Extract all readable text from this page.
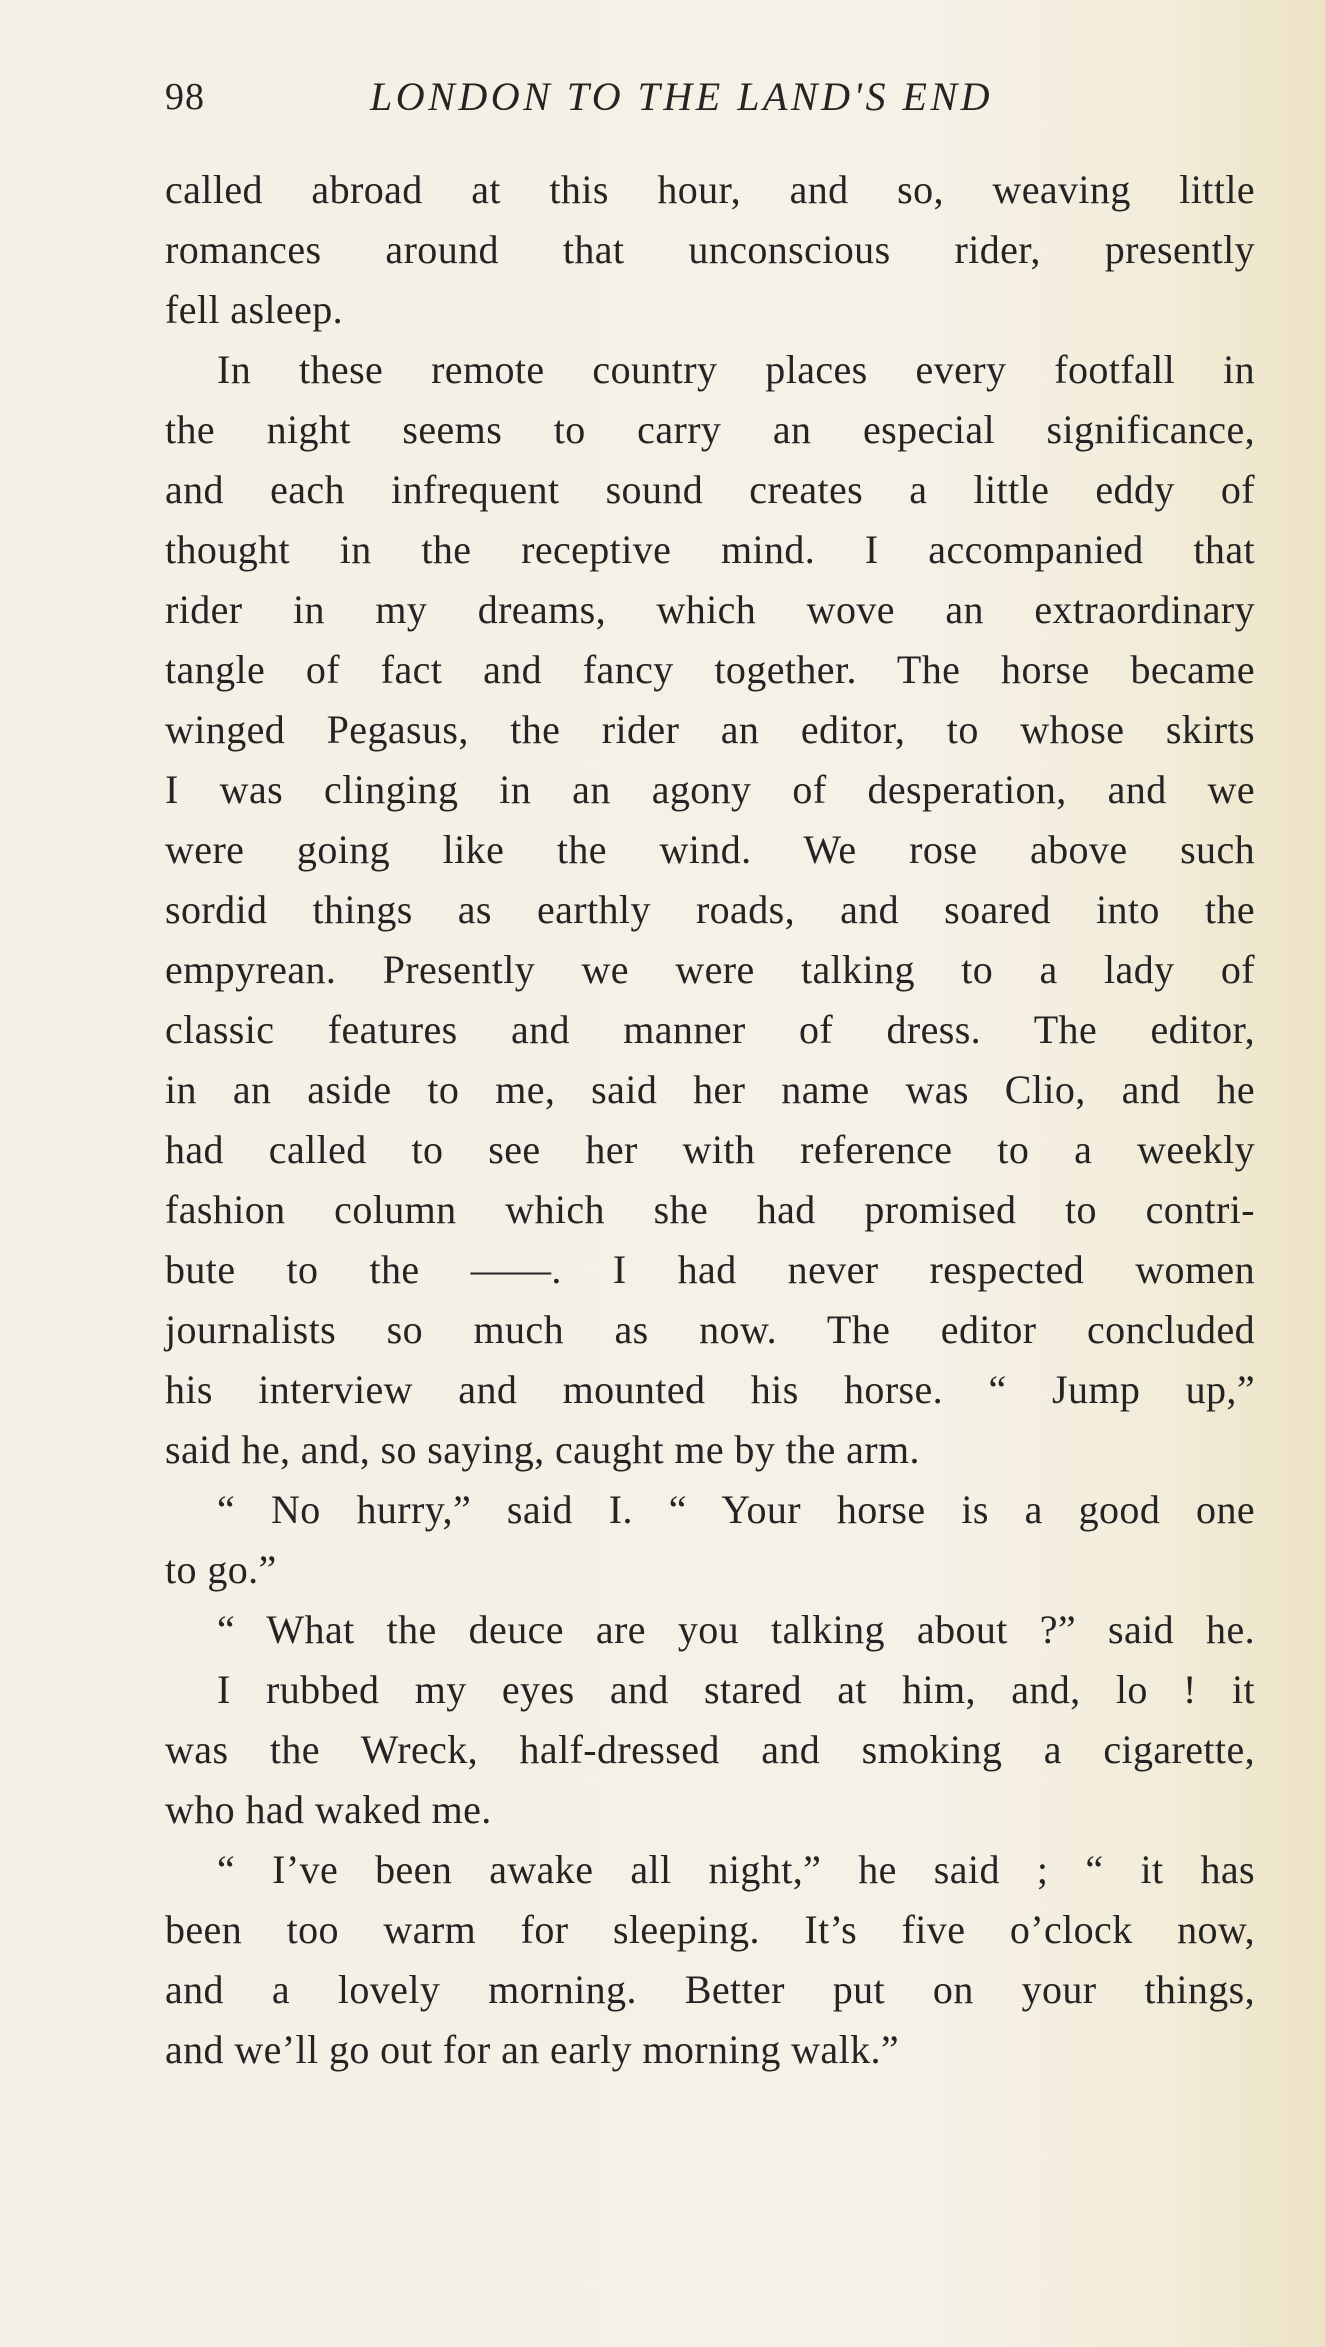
98	LONDON TO THE LAND'S END
called abroad at this hour, and so, weaving little
romances around that unconscious rider, presently
fell asleep.
In these remote country places every footfall in
the night seems to carry an especial significance,
and each infrequent sound creates a little eddy of
thought in the receptive mind. I accompanied that
rider in my dreams, which wove an extraordinary
tangle of fact and fancy together. The horse became
winged Pegasus, the rider an editor, to whose skirts
I was clinging in an agony of desperation, and we
were going like the wind. We rose above such
sordid things as earthly roads, and soared into the
empyrean. Presently we were talking to a lady of
classic features and manner of dress. The editor,
in an aside to me, said her name was Clio, and he
had called to see her with reference to a weekly
fashion column which she had promised to contri-
bute to the ——. I had never respected women
journalists so much as now. The editor concluded
his interview and mounted his horse. “ Jump up,”
said he, and, so saying, caught me by the arm.
“ No hurry,” said I. “ Your horse is a good one
to go.”
“ What the deuce are you talking about ?” said he.
I rubbed my eyes and stared at him, and, lo ! it
was the Wreck, half-dressed and smoking a cigarette,
who had waked me.
“ I’ve been awake all night,” he said ; “ it has
been too warm for sleeping. It’s five o’clock now,
and a lovely morning. Better put on your things,
and we’ll go out for an early morning walk.”
